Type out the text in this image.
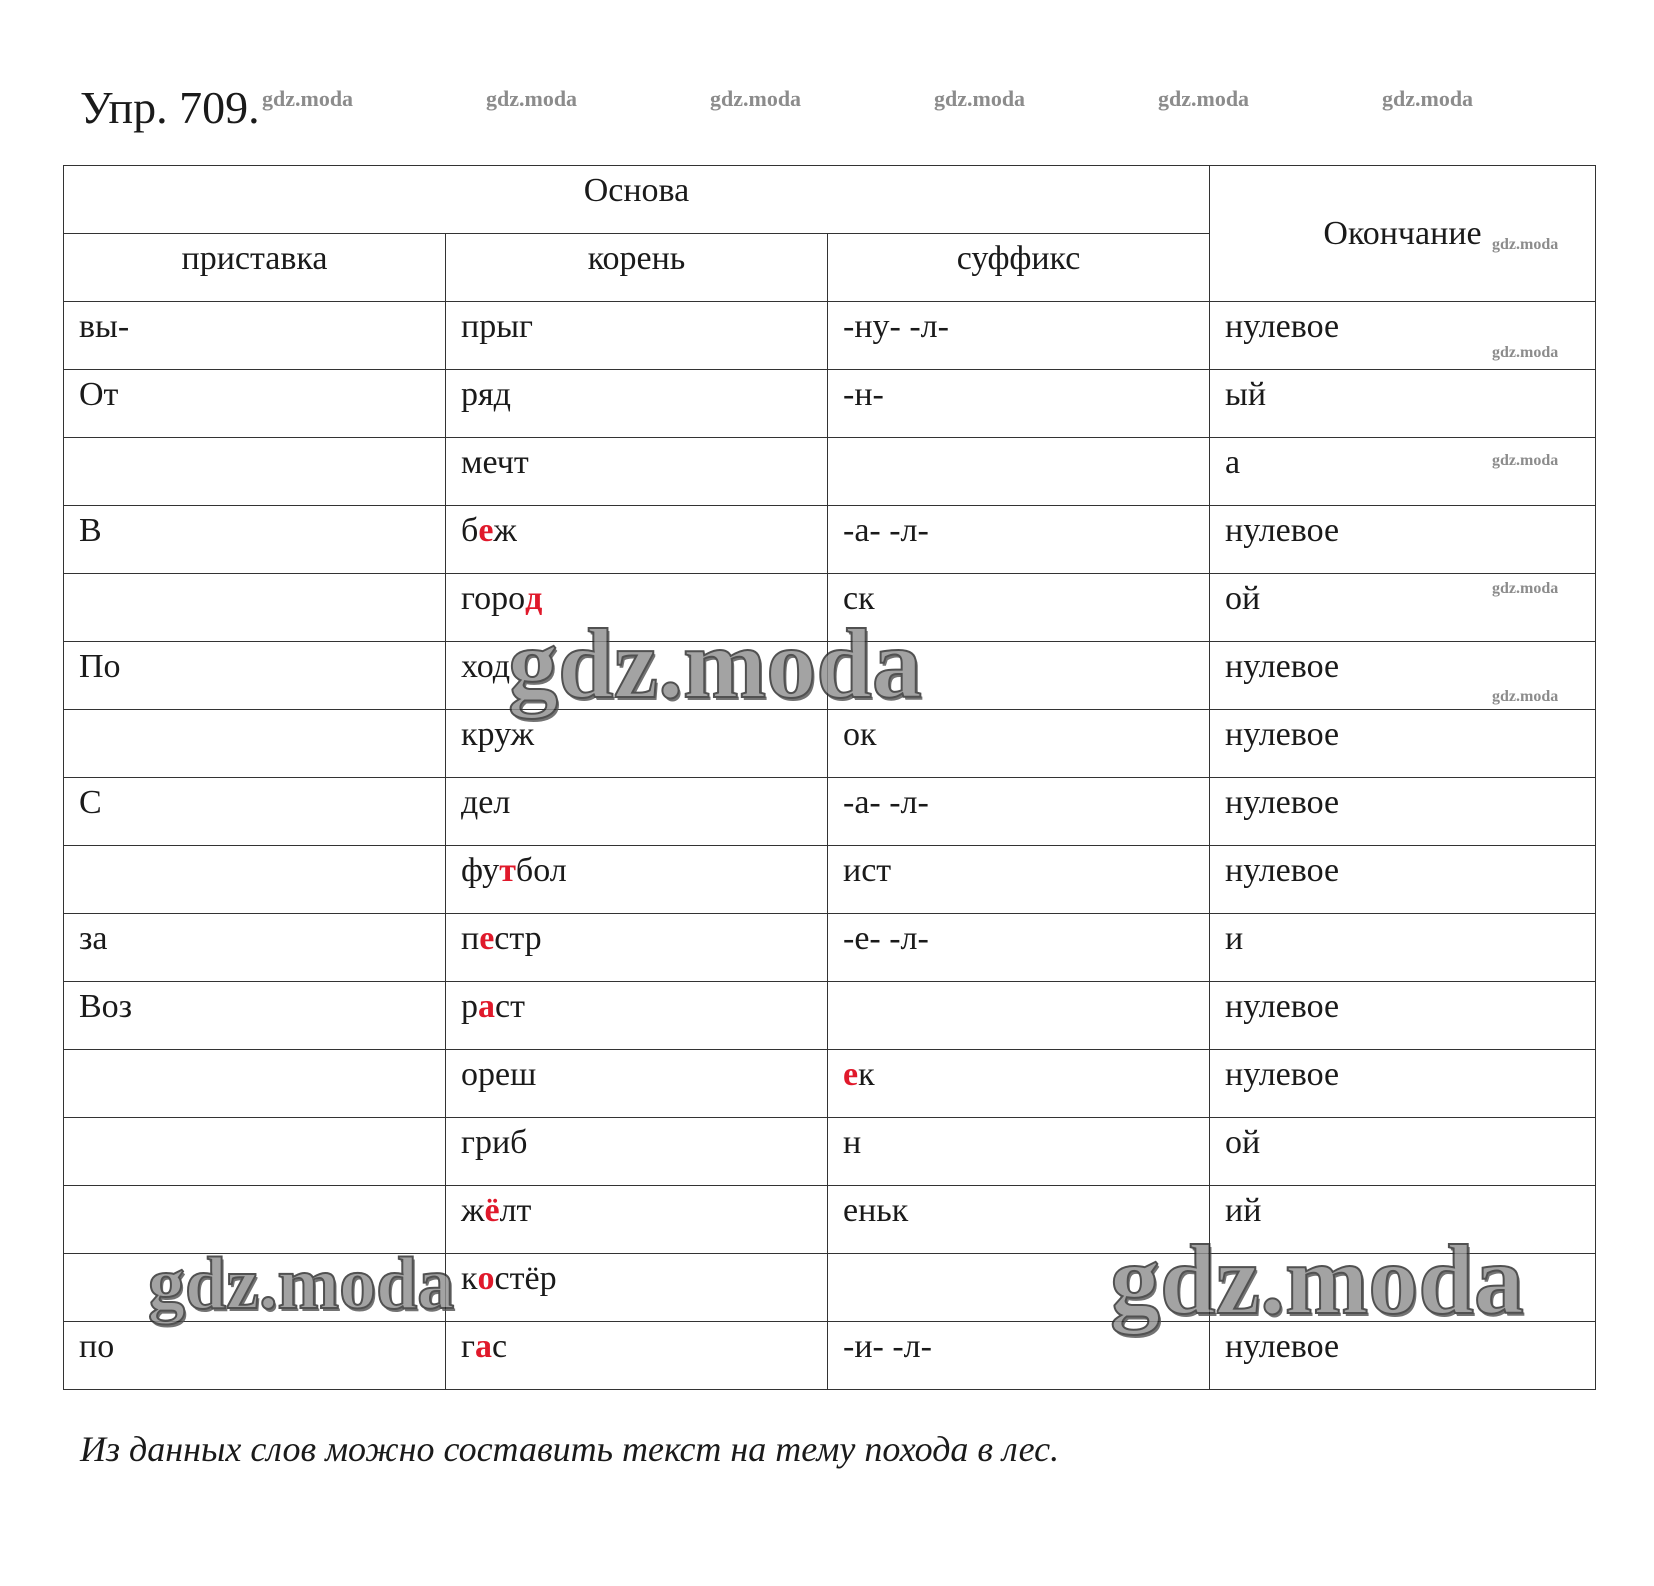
Упр. 709. gdz.moda	gdz.moda	gdz.moda	gdz.moda	gdz.moda	gdz.moda
Основа			Окончание
приставка	корень	суффикс	
вы-	прыг	-ну- -л-	нулевое
От	ряд	-н-	ый
	мечт		а
В	беж	-а- -л-	нулевое
	город	ск	ой
По	ход		нулевое
	круж	ок	нулевое
С	дел	-а- -л-	нулевое
	футбол	ист	нулевое
за	пестр	-е- -л-	и
Воз	раст		нулевое
	ореш	ек	нулевое
	гриб	н	ой
	жёлт	еньк	ий
	костёр		
по	гас	-и- -л-	нулевое
gdz.moda
gdz.moda
gdz.moda
gdz.moda
gdz.moda
gdz.moda
gdz.moda	gdz.moda
Из данных слов можно составить текст на тему похода в лес.
